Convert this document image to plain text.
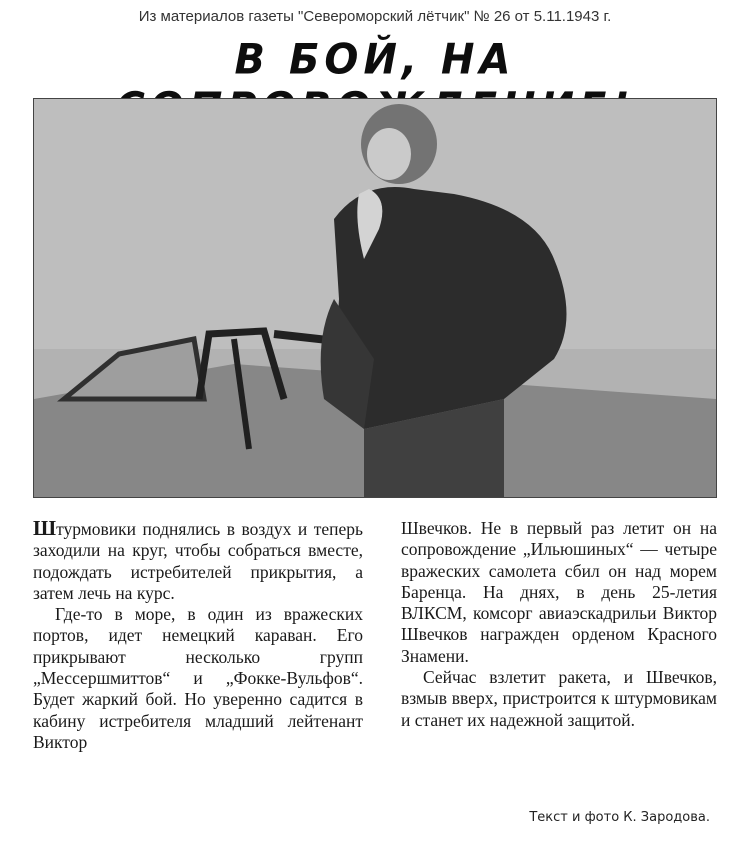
Из материалов газеты "Североморский лётчик" № 26 от 5.11.1943 г.
В БОЙ, НА

Штурмовики поднялись в воздух и теперь заходили на круг, чтобы собраться вместе, подождать истребителей прикрытия, а затем лечь на курс.

Где-то в море, в один из вражеских портов, идет немецкий караван. Его прикрывают несколько групп „Мессершмиттов“ и „Фокке-Вульфов“. Будет жаркий бой. Но уверенно садится в кабину истребителя младший лейтенант Виктор

Швечков. Не в первый раз летит он на сопровождение „Ильюшиных“ — четыре вражеских самолета сбил он над морем Баренца. На днях, в день 25-летия ВЛКСМ, комсорг авиаэскадрильи Виктор Швечков награжден орденом Красного Знамени.

Сейчас взлетит ракета, и Швечков, взмыв вверх, пристроится к штурмовикам и станет их надежной защитой.

Текст и фото К. Зародова.
